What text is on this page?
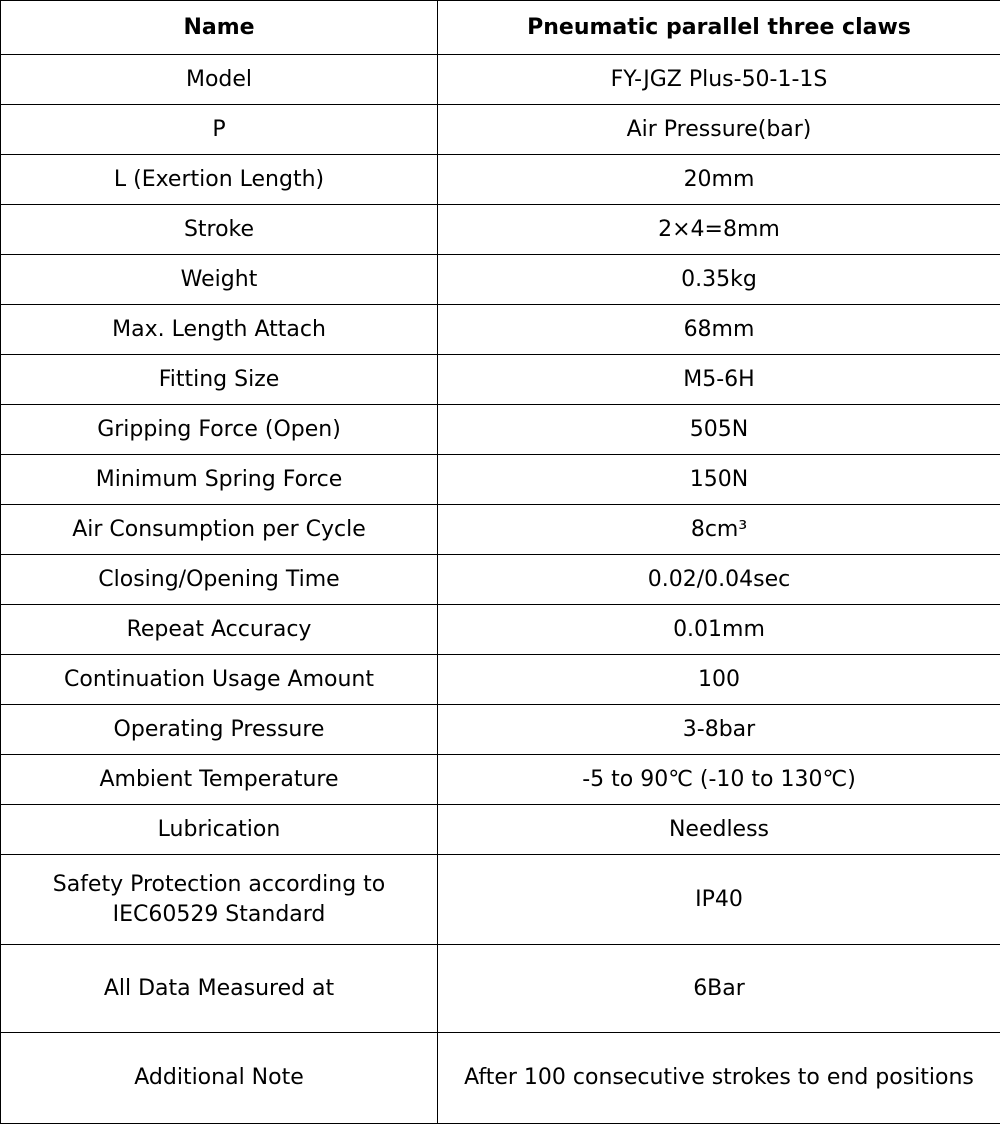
Name	Pneumatic parallel three claws
Model	FY-JGZ Plus-50-1-1S
P	Air Pressure(bar)
L (Exertion Length)	20mm
Stroke	2×4=8mm
Weight	0.35kg
Max. Length Attach	68mm
Fitting Size	M5-6H
Gripping Force (Open)	505N
Minimum Spring Force	150N
Air Consumption per Cycle	8cm³
Closing/Opening Time	0.02/0.04sec
Repeat Accuracy	0.01mm
Continuation Usage Amount	100
Operating Pressure	3-8bar
Ambient Temperature	-5 to 90℃ (-10 to 130℃)
Lubrication	Needless
Safety Protection according to IEC60529 Standard	IP40
All Data Measured at	6Bar
Additional Note	After 100 consecutive strokes to end positions
